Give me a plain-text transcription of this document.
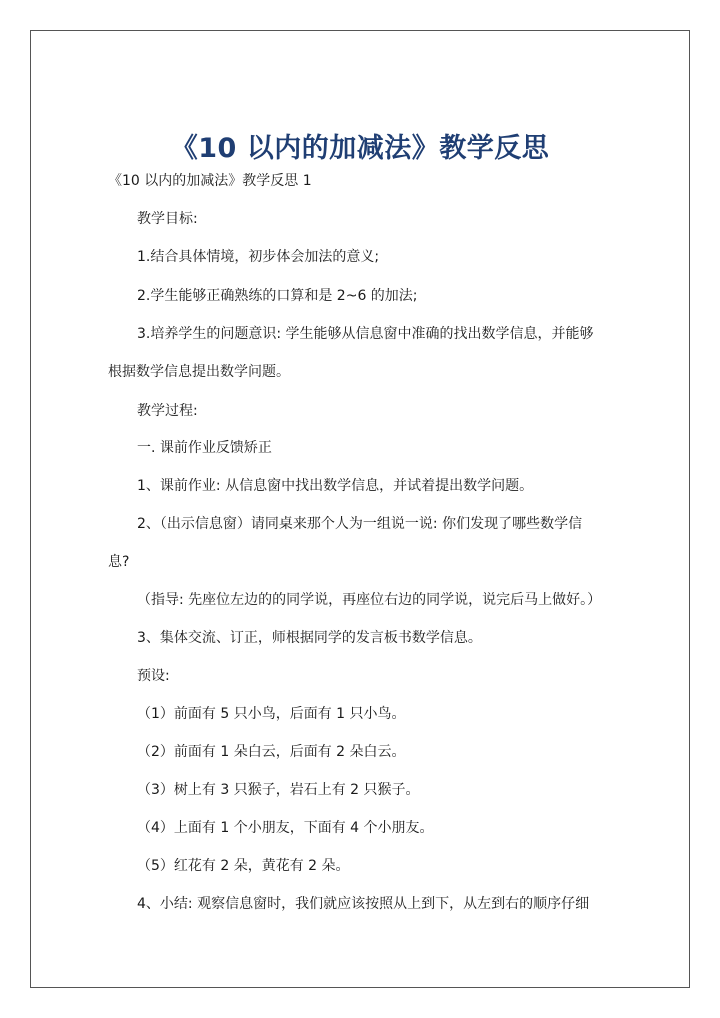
《10 以内的加减法》教学反思
《10 以内的加减法》教学反思 1
教学目标:
1.结合具体情境，初步体会加法的意义;
2.学生能够正确熟练的口算和是 2~6 的加法;
3.培养学生的问题意识: 学生能够从信息窗中准确的找出数学信息，并能够
根据数学信息提出数学问题。
教学过程:
一. 课前作业反馈矫正
1、课前作业: 从信息窗中找出数学信息，并试着提出数学问题。
2、（出示信息窗）请同桌来那个人为一组说一说: 你们发现了哪些数学信
息?
（指导: 先座位左边的的同学说，再座位右边的同学说，说完后马上做好。）
3、集体交流、订正，师根据同学的发言板书数学信息。
预设:
（1）前面有 5 只小鸟，后面有 1 只小鸟。
（2）前面有 1 朵白云，后面有 2 朵白云。
（3）树上有 3 只猴子，岩石上有 2 只猴子。
（4）上面有 1 个小朋友，下面有 4 个小朋友。
（5）红花有 2 朵，黄花有 2 朵。
4、小结: 观察信息窗时，我们就应该按照从上到下，从左到右的顺序仔细
